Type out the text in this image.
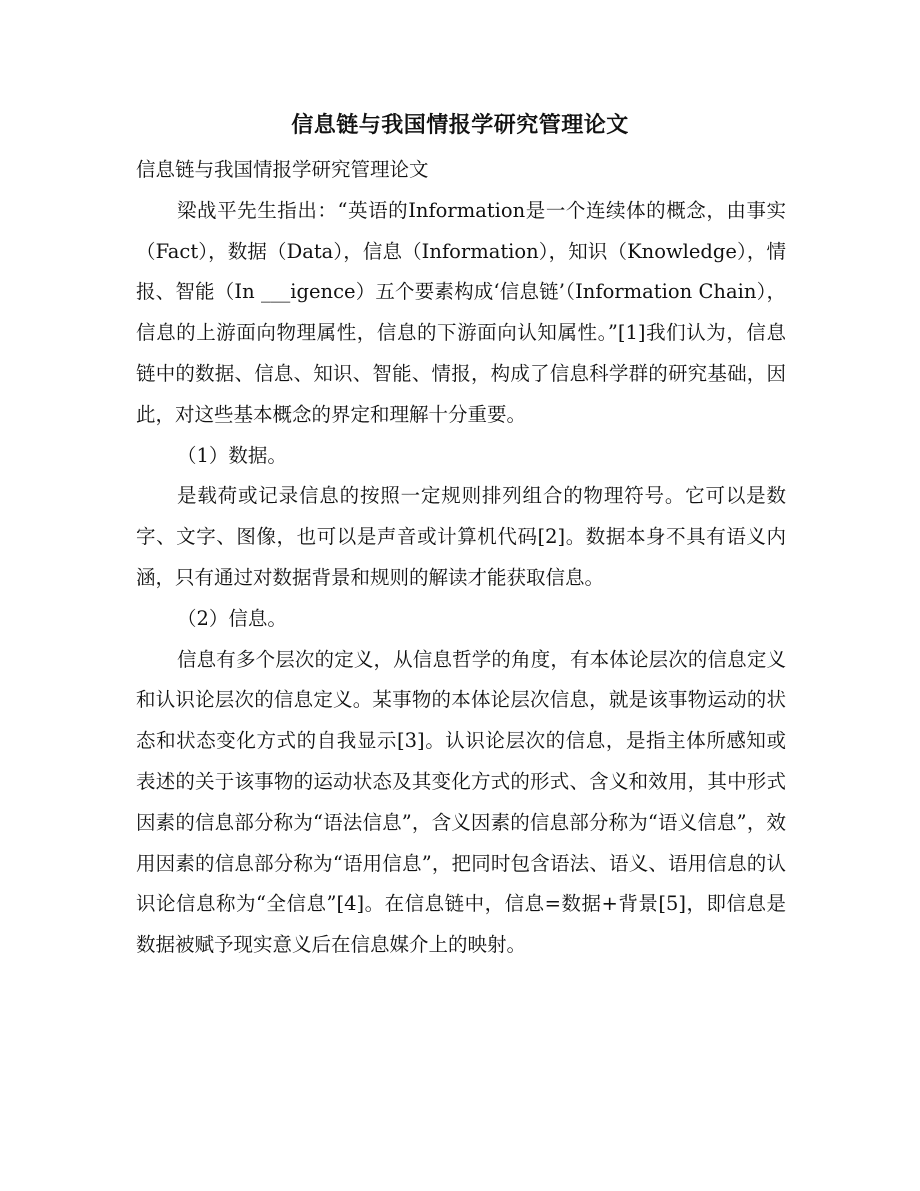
信息链与我国情报学研究管理论文

信息链与我国情报学研究管理论文

梁战平先生指出：“英语的Information是一个连续体的概念，由事实（Fact），数据（Data），信息（Information），知识（Knowledge），情报、智能（In ___igence）五个要素构成‘信息链’（Information Chain），信息的上游面向物理属性，信息的下游面向认知属性。”[1]我们认为，信息链中的数据、信息、知识、智能、情报，构成了信息科学群的研究基础，因此，对这些基本概念的界定和理解十分重要。

（1）数据。

是载荷或记录信息的按照一定规则排列组合的物理符号。它可以是数字、文字、图像，也可以是声音或计算机代码[2]。数据本身不具有语义内涵，只有通过对数据背景和规则的解读才能获取信息。

（2）信息。

信息有多个层次的定义，从信息哲学的角度，有本体论层次的信息定义和认识论层次的信息定义。某事物的本体论层次信息，就是该事物运动的状态和状态变化方式的自我显示[3]。认识论层次的信息，是指主体所感知或表述的关于该事物的运动状态及其变化方式的形式、含义和效用，其中形式因素的信息部分称为“语法信息”，含义因素的信息部分称为“语义信息”，效用因素的信息部分称为“语用信息”，把同时包含语法、语义、语用信息的认识论信息称为“全信息”[4]。在信息链中，信息=数据+背景[5]，即信息是数据被赋予现实意义后在信息媒介上的映射。
